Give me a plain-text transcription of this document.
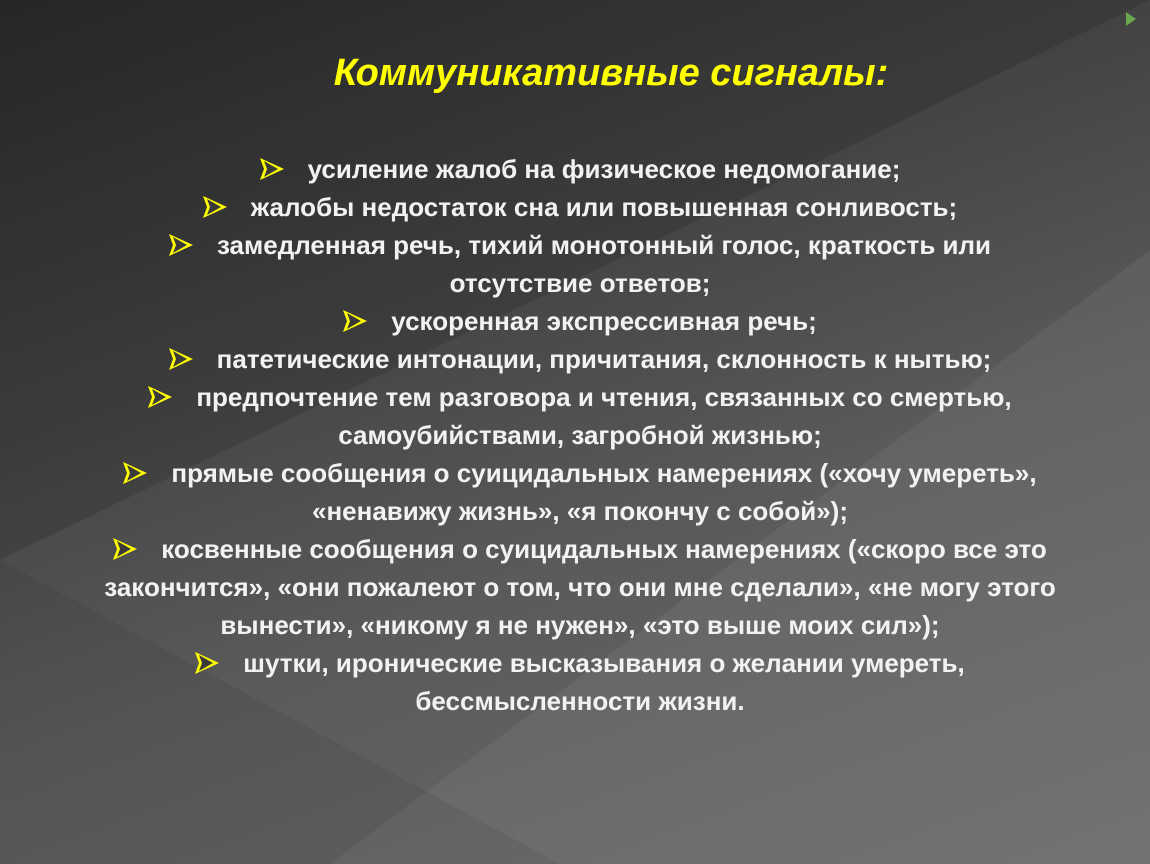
Коммуникативные сигналы:
усиление жалоб на физическое недомогание;
жалобы недостаток сна или повышенная сонливость;
замедленная речь, тихий монотонный голос, краткость или отсутствие ответов;
ускоренная экспрессивная речь;
патетические интонации, причитания, склонность к нытью;
предпочтение тем разговора и чтения, связанных со смертью, самоубийствами, загробной жизнью;
прямые сообщения о суицидальных намерениях («хочу умереть», «ненавижу жизнь», «я покончу с собой»);
косвенные сообщения о суицидальных намерениях («скоро все это закончится», «они пожалеют о том, что они мне сделали», «не могу этого вынести», «никому я не нужен», «это выше моих сил»);
шутки, иронические высказывания о желании умереть, бессмысленности жизни.
